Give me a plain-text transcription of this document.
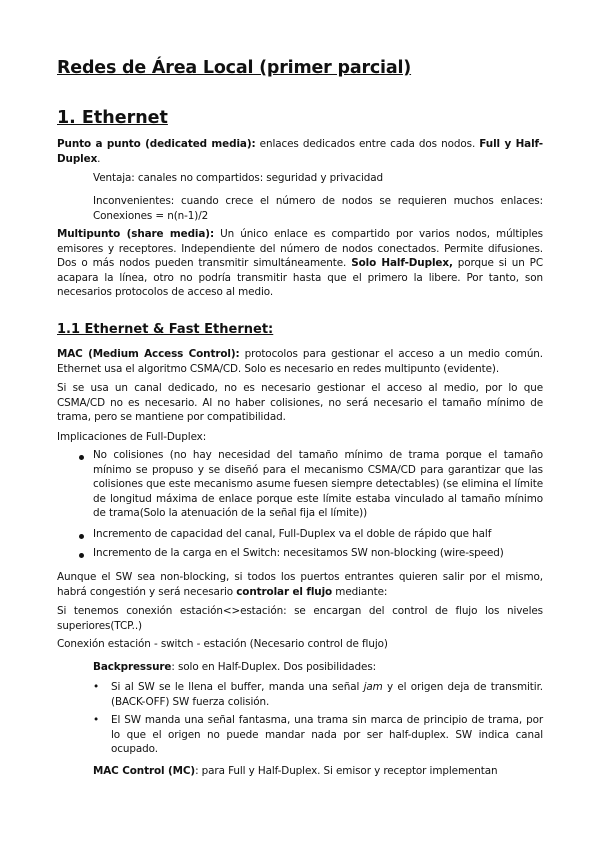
Redes de Área Local (primer parcial)
1. Ethernet
Punto a punto (dedicated media): enlaces dedicados entre cada dos nodos. Full y Half-Duplex.
Ventaja: canales no compartidos: seguridad y privacidad
Inconvenientes: cuando crece el número de nodos se requieren muchos enlaces: Conexiones = n(n-1)/2
Multipunto (share media): Un único enlace es compartido por varios nodos, múltiples emisores y receptores. Independiente del número de nodos conectados. Permite difusiones. Dos o más nodos pueden transmitir simultáneamente. Solo Half-Duplex, porque si un PC acapara la línea, otro no podría transmitir hasta que el primero la libere. Por tanto, son necesarios protocolos de acceso al medio.
1.1 Ethernet & Fast Ethernet:
MAC (Medium Access Control): protocolos para gestionar el acceso a un medio común. Ethernet usa el algoritmo CSMA/CD. Solo es necesario en redes multipunto (evidente).
Si se usa un canal dedicado, no es necesario gestionar el acceso al medio, por lo que CSMA/CD no es necesario. Al no haber colisiones, no será necesario el tamaño mínimo de trama, pero se mantiene por compatibilidad.
Implicaciones de Full-Duplex:
No colisiones (no hay necesidad del tamaño mínimo de trama porque el tamaño mínimo se propuso y se diseñó para el mecanismo CSMA/CD para garantizar que las colisiones que este mecanismo asume fuesen siempre detectables) (se elimina el límite de longitud máxima de enlace porque este límite estaba vinculado al tamaño mínimo de trama(Solo la atenuación de la señal fija el límite))
Incremento de capacidad del canal, Full-Duplex va el doble de rápido que half
Incremento de la carga en el Switch: necesitamos SW non-blocking (wire-speed)
Aunque el SW sea non-blocking, si todos los puertos entrantes quieren salir por el mismo, habrá congestión y será necesario controlar el flujo mediante:
Si tenemos conexión estación<>estación: se encargan del control de flujo los niveles superiores(TCP..)
Conexión estación - switch - estación (Necesario control de flujo)
Backpressure: solo en Half-Duplex. Dos posibilidades:
• Si al SW se le llena el buffer, manda una señal jam y el origen deja de transmitir. (BACK-OFF) SW fuerza colisión.
• El SW manda una señal fantasma, una trama sin marca de principio de trama, por lo que el origen no puede mandar nada por ser half-duplex. SW indica canal ocupado.
MAC Control (MC): para Full y Half-Duplex. Si emisor y receptor implementan
